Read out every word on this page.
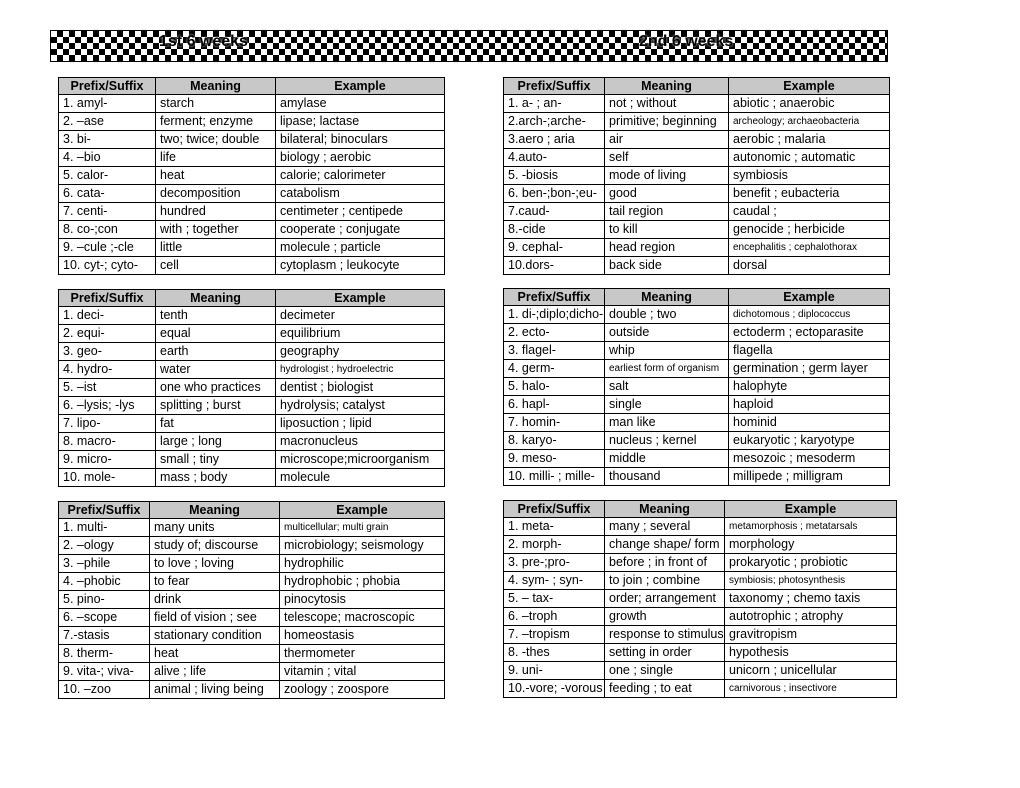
1st 6 weeks	2nd 6 weeks
Prefix/Suffix	Meaning	Example
1. amyl-	starch	amylase
2. –ase	ferment; enzyme	lipase; lactase
3. bi-	two; twice; double	bilateral; binoculars
4. –bio	life	biology ; aerobic
5. calor-	heat	calorie; calorimeter
6. cata-	decomposition	catabolism
7. centi-	hundred	centimeter ; centipede
8. co-;con	with ; together	cooperate ; conjugate
9. –cule ;-cle	little	molecule ; particle
10. cyt-; cyto-	cell	cytoplasm ; leukocyte
Prefix/Suffix	Meaning	Example
1. a- ; an-	not ; without	abiotic ; anaerobic
2.arch-;arche-	primitive; beginning	archeology; archaeobacteria
3.aero ; aria	air	aerobic ; malaria
4.auto-	self	autonomic ; automatic
5. -biosis	mode of living	symbiosis
6. ben-;bon-;eu-	good	benefit ; eubacteria
7.caud-	tail region	caudal ;
8.-cide	to kill	genocide ; herbicide
9. cephal-	head region	encephalitis ; cephalothorax
10.dors-	back side	dorsal
Prefix/Suffix	Meaning	Example
1. deci-	tenth	decimeter
2. equi-	equal	equilibrium
3. geo-	earth	geography
4. hydro-	water	hydrologist ; hydroelectric
5. –ist	one who practices	dentist ; biologist
6. –lysis; -lys	splitting ; burst	hydrolysis; catalyst
7. lipo-	fat	liposuction ; lipid
8. macro-	large ; long	macronucleus
9. micro-	small ; tiny	microscope;microorganism
10. mole-	mass ; body	molecule
Prefix/Suffix	Meaning	Example
1. di-;diplo;dicho-	double ; two	dichotomous ; diplococcus
2. ecto-	outside	ectoderm ; ectoparasite
3. flagel-	whip	flagella
4. germ-	earliest form of organism	germination ; germ layer
5. halo-	salt	halophyte
6. hapl-	single	haploid
7. homin-	man like	hominid
8. karyo-	nucleus ; kernel	eukaryotic ; karyotype
9. meso-	middle	mesozoic ; mesoderm
10. milli- ; mille-	thousand	millipede ; milligram
Prefix/Suffix	Meaning	Example
1. multi-	many units	multicellular; multi grain
2. –ology	study of; discourse	microbiology; seismology
3. –phile	to love ; loving	hydrophilic
4. –phobic	to fear	hydrophobic ; phobia
5. pino-	drink	pinocytosis
6. –scope	field of vision ; see	telescope; macroscopic
7.-stasis	stationary condition	homeostasis
8. therm-	heat	thermometer
9. vita-; viva-	alive ; life	vitamin ; vital
10. –zoo	animal ; living being	zoology ; zoospore
Prefix/Suffix	Meaning	Example
1. meta-	many ; several	metamorphosis ; metatarsals
2. morph-	change shape/ form	morphology
3. pre-;pro-	before ; in front of	prokaryotic ; probiotic
4. sym- ; syn-	to join ; combine	symbiosis; photosynthesis
5. – tax-	order; arrangement	taxonomy ; chemo taxis
6. –troph	growth	autotrophic ; atrophy
7. –tropism	response to stimulus	gravitropism
8. -thes	setting in order	hypothesis
9. uni-	one ; single	unicorn ; unicellular
10.-vore; -vorous	feeding ; to eat	carnivorous ; insectivore
